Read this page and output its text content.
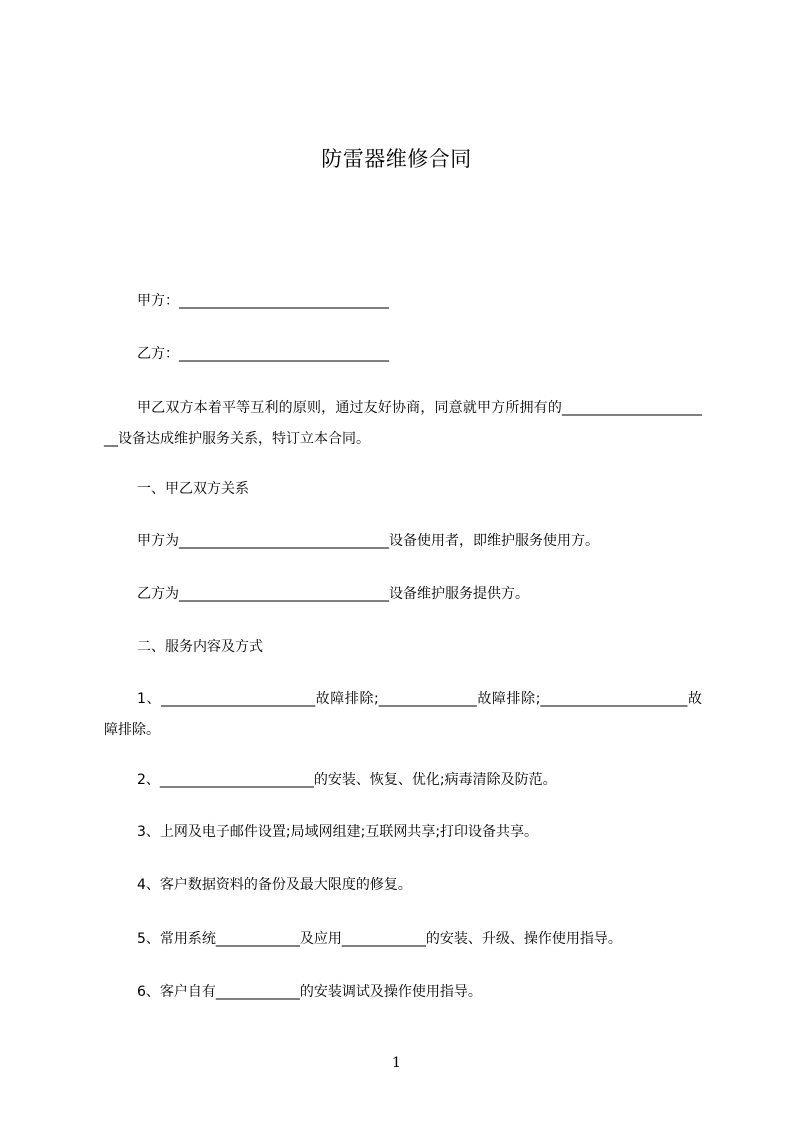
防雷器维修合同
甲方：______________________________
乙方：______________________________
甲乙双方本着平等互利的原则，通过友好协商，同意就甲方所拥有的______________________设备达成维护服务关系，特订立本合同。
一、甲乙双方关系
甲方为______________________________设备使用者，即维护服务使用方。
乙方为______________________________设备维护服务提供方。
二、服务内容及方式
1、______________________故障排除;______________故障排除;_____________________故障排除。
2、______________________的安装、恢复、优化;病毒清除及防范。
3、上网及电子邮件设置;局域网组建;互联网共享;打印设备共享。
4、客户数据资料的备份及最大限度的修复。
5、常用系统____________及应用____________的安装、升级、操作使用指导。
6、客户自有____________的安装调试及操作使用指导。
1
